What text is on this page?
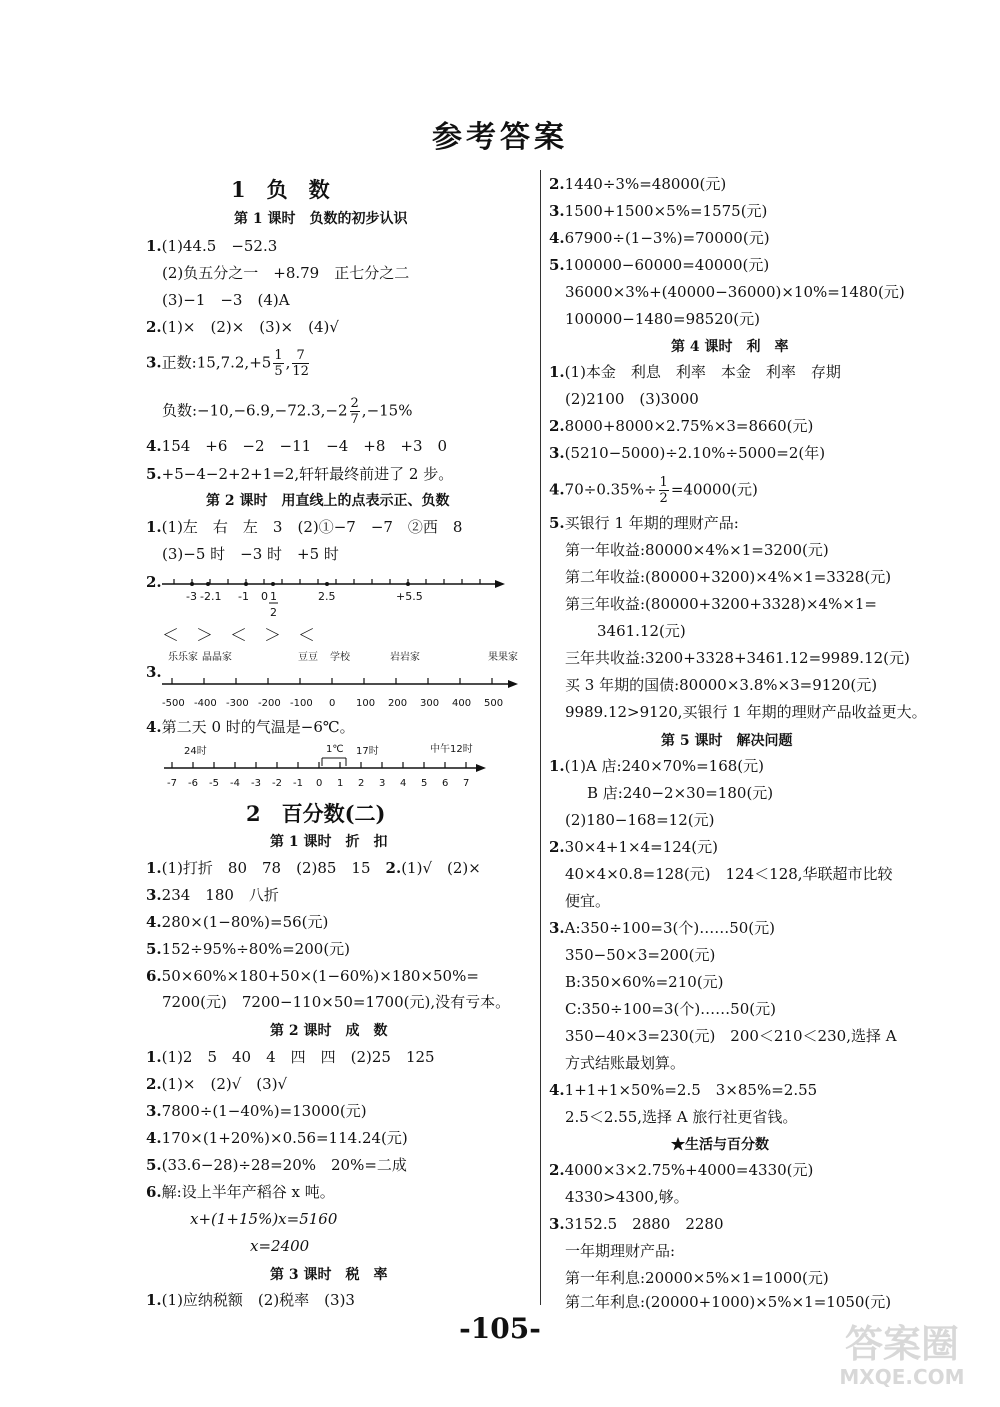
参考答案
1　负　数
第 1 课时　负数的初步认识
1.(1)44.5　−52.3
(2)负五分之一　+8.79　正七分之二
(3)−1　−3　(4)A
2.(1)×　(2)×　(3)×　(4)√
3.正数:15,7.2,+5 $\frac{1}{5}$ , $\frac{7}{12}$
负数:−10,−6.9,−72.3,−2 $\frac{2}{7} ,-15\%$
4.154　+6　−2　−11　−4　+8　+3　0
5.+5−4−2+2+1=2,轩轩最终前进了 2 步。
第 2 课时　用直线上的点表示正、负数
1.(1)左　右　左　3　(2)①−7　−7　②西　8
(3)−5 时　−3 时　+5 时
2.
-3 -2.1 -1 0 1
2
2.5	+5.5
＜　＞　＜　＞　＜
3.
乐乐家 晶晶家	豆豆 学校	岩岩家	果果家
-500 -400 -300 -200 -100 0 100 200 300 400 500
4.第二天 0 时的气温是−6℃。
24时	1℃ 17时	中午12时
-7 -6 -5 -4 -3 -2 -1 0 1 2 3 4 5 6 7
2　百分数(二)
第 1 课时　折　扣
1.(1)打折　80　78　(2)85　15　 2.(1)√　(2)×
3.234　180　八折
4.280×(1−80%)=56(元)
5.152÷95%÷80%=200(元)
6.50×60%×180+50×(1−60%)×180×50%=
7200(元)　7200−110×50=1700(元),没有亏本。
第 2 课时　成　数
1.(1)2　5　40　4　四　四　(2)25　125
2.(1)×　(2)√　(3)√
3.7800÷(1−40%)=13000(元)
4.170×(1+20%)×0.56=114.24(元)
5.(33.6−28)÷28=20%　20%=二成
6.解:设上半年产稻谷 x 吨。
x+(1+15%)x=5160
x=2400
第 3 课时　税　率
1.(1)应纳税额　(2)税率　(3)3
2.1440÷3%=48000(元)
3.1500+1500×5%=1575(元)
4.67900÷(1−3%)=70000(元)
5.100000−60000=40000(元)
36000×3%+(40000−36000)×10%=1480(元)
100000−1480=98520(元)
第 4 课时　利　率
1.(1)本金　利息　利率　本金　利率　存期
(2)2100　(3)3000
2.8000+8000×2.75%×3=8660(元)
3.(5210−5000)÷2.10%÷5000=2(年)
$4.70\div 0.35\%\div \frac{1}{2} =40000$(元)
5.买银行 1 年期的理财产品:
第一年收益:80000×4%×1=3200(元)
第二年收益:(80000+3200)×4%×1=3328(元)
第三年收益:(80000+3200+3328)×4%×1=
3461.12(元)
三年共收益:3200+3328+3461.12=9989.12(元)
买 3 年期的国债:80000×3.8%×3=9120(元)
9989.12>9120,买银行 1 年期的理财产品收益更大。
第 5 课时　解决问题
1.(1)A 店:240×70%=168(元)
B 店:240−2×30=180(元)
(2)180−168=12(元)
2.30×4+1×4=124(元)
40×4×0.8=128(元)　124＜128,华联超市比较
便宜。
3.A:350÷100=3(个)……50(元)
350−50×3=200(元)
B:350×60%=210(元)
C:350÷100=3(个)……50(元)
350−40×3=230(元)　200＜210＜230,选择 A
方式结账最划算。
4.1+1+1×50%=2.5　3×85%=2.55
2.5＜2.55,选择 A 旅行社更省钱。
★生活与百分数
2.4000×3×2.75%+4000=4330(元)
4330>4300,够。
3.3152.5　2880　2280
一年期理财产品:
第一年利息:20000×5%×1=1000(元)
第二年利息:(20000+1000)×5%×1=1050(元)
-105-	答案圈
MXQE.COM
